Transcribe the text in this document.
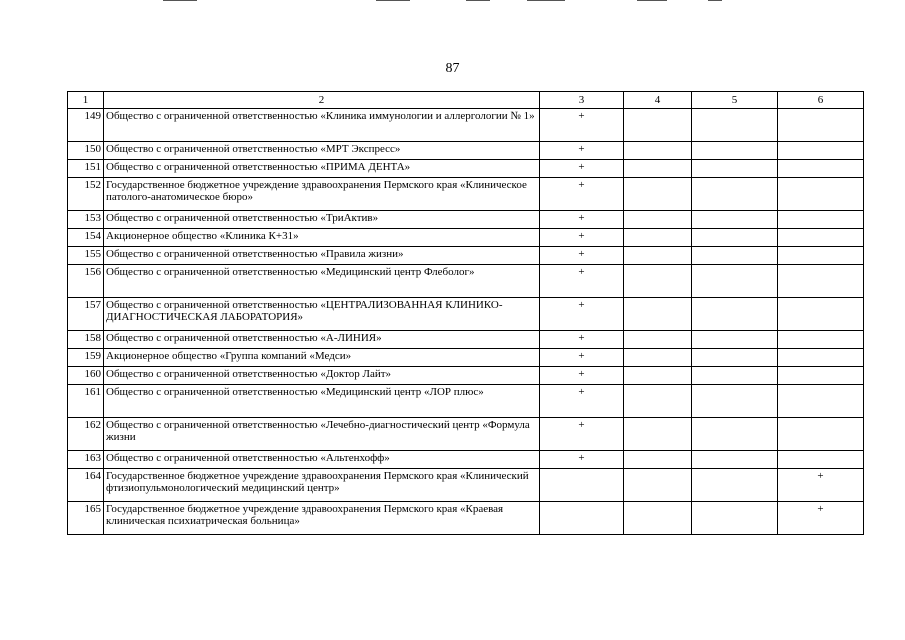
87
1	2	3	4	5	6
149	Общество с ограниченной ответственностью «Клиника иммунологии и аллергологии № 1»	+			
150	Общество с ограниченной ответственностью «МРТ Экспресс»	+			
151	Общество с ограниченной ответственностью «ПРИМА ДЕНТА»	+			
152	Государственное бюджетное учреждение здравоохранения Пермского края «Клиническое патолого-анатомическое бюро»	+			
153	Общество с ограниченной ответственностью «ТриАктив»	+			
154	Акционерное общество «Клиника К+31»	+			
155	Общество с ограниченной ответственностью «Правила жизни»	+			
156	Общество с ограниченной ответственностью «Медицинский центр Флеболог»	+			
157	Общество с ограниченной ответственностью «ЦЕНТРАЛИЗОВАННАЯ КЛИНИКО-ДИАГНОСТИЧЕСКАЯ ЛАБОРАТОРИЯ»	+			
158	Общество с ограниченной ответственностью «А-ЛИНИЯ»	+			
159	Акционерное общество «Группа компаний «Медси»	+			
160	Общество с ограниченной ответственностью «Доктор Лайт»	+			
161	Общество с ограниченной ответственностью «Медицинский центр «ЛОР плюс»	+			
162	Общество с ограниченной ответственностью «Лечебно-диагностический центр «Формула жизни	+			
163	Общество с ограниченной ответственностью «Альтенхофф»	+			
164	Государственное бюджетное учреждение здравоохранения Пермского края «Клинический фтизиопульмонологический медицинский центр»				+
165	Государственное бюджетное учреждение здравоохранения Пермского края «Краевая клиническая психиатрическая больница»				+
